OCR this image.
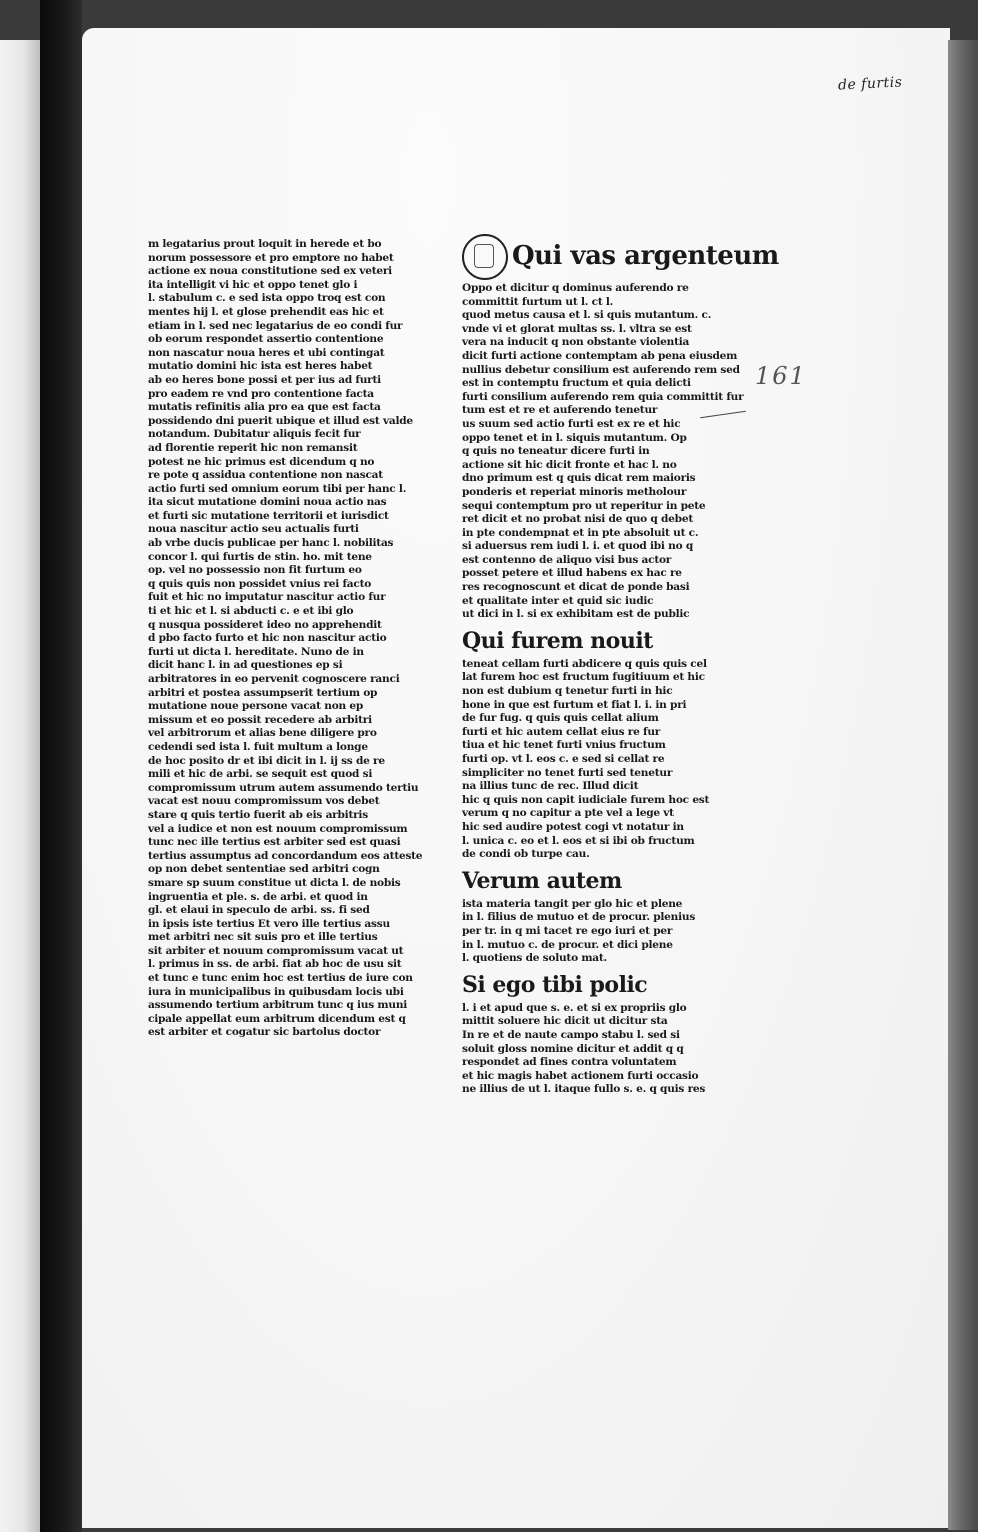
de furtis
161
m legatarius prout loquit in herede et bo
norum possessore et pro emptore no habet
actione ex noua constitutione sed ex veteri
ita intelligit vi hic et oppo tenet glo i
l. stabulum c. e sed ista oppo troq est con
mentes hij l. et glose prehendit eas hic et
etiam in l. sed nec legatarius de eo condi fur
ob eorum respondet assertio contentione
non nascatur noua heres et ubi contingat
mutatio domini hic ista est heres habet
ab eo heres bone possi et per ius ad furti
pro eadem re vnd pro contentione facta
mutatis refinitis alia pro ea que est facta
possidendo dni puerit ubique et illud est valde
notandum. Dubitatur aliquis fecit fur
ad florentie reperit hic non remansit
potest ne hic primus est dicendum q no
re pote q assidua contentione non nascat
actio furti sed omnium eorum tibi per hanc l.
ita sicut mutatione domini noua actio nas
et furti sic mutatione territorii et iurisdict
noua nascitur actio seu actualis furti
ab vrbe ducis publicae per hanc l. nobilitas
concor l. qui furtis de stin. ho. mit tene
op. vel no possessio non fit furtum eo
q quis quis non possidet vnius rei facto
fuit et hic no imputatur nascitur actio fur
ti et hic et l. si abducti c. e et ibi glo
q nusqua possideret ideo no apprehendit
d pbo facto furto et hic non nascitur actio
furti ut dicta l. hereditate. Nuno de in
dicit hanc l. in ad questiones ep si
arbitratores in eo pervenit cognoscere ranci
arbitri et postea assumpserit tertium op
mutatione noue persone vacat non ep
missum et eo possit recedere ab arbitri
vel arbitrorum et alias bene diligere pro
cedendi sed ista l. fuit multum a longe
de hoc posito dr et ibi dicit in l. ij ss de re
mili et hic de arbi. se sequit est quod si
compromissum utrum autem assumendo tertiu
vacat est nouu compromissum vos debet
stare q quis tertio fuerit ab eis arbitris
vel a iudice et non est nouum compromissum
tunc nec ille tertius est arbiter sed est quasi
tertius assumptus ad concordandum eos atteste
op non debet sententiae sed arbitri cogn
smare sp suum constitue ut dicta l. de nobis
ingruentia et ple. s. de arbi. et quod in
gl. et elaui in speculo de arbi. ss. fi sed
in ipsis iste tertius Et vero ille tertius assu
met arbitri nec sit suis pro et ille tertius
sit arbiter et nouum compromissum vacat ut
l. primus in ss. de arbi. fiat ab hoc de usu sit
et tunc e tunc enim hoc est tertius de iure con
iura in municipalibus in quibusdam locis ubi
assumendo tertium arbitrum tunc q ius muni
cipale appellat eum arbitrum dicendum est q
est arbiter et cogatur sic bartolus doctor
Qui vas argenteum
Oppo et dicitur q dominus auferendo re
committit furtum ut l. ct l.
quod metus causa et l. si quis mutantum. c.
vnde vi et glorat multas ss. l. vltra se est
vera na inducit q non obstante violentia
dicit furti actione contemptam ab pena eiusdem
nullius debetur consilium est auferendo rem sed
est in contemptu fructum et quia delicti
furti consilium auferendo rem quia committit fur
tum est et re et auferendo tenetur
us suum sed actio furti est ex re et hic
oppo tenet et in l. siquis mutantum. Op
q quis no teneatur dicere furti in
actione sit hic dicit fronte et hac l. no
dno primum est q quis dicat rem maioris
ponderis et reperiat minoris metholour
sequi contemptum pro ut reperitur in pete
ret dicit et no probat nisi de quo q debet
in pte condempnat et in pte absoluit ut c.
si aduersus rem iudi l. i. et quod ibi no q
est contenno de aliquo visi bus actor
posset petere et illud habens ex hac re
res recognoscunt et dicat de ponde basi
et qualitate inter et quid sic iudic
ut dici in l. si ex exhibitam est de public
Qui furem nouit
teneat cellam furti abdicere q quis quis cel
lat furem hoc est fructum fugitiuum et hic
non est dubium q tenetur furti in hic
hone in que est furtum et fiat l. i. in pri
de fur fug. q quis quis cellat alium
furti et hic autem cellat eius re fur
tiua et hic tenet furti vnius fructum
furti op. vt l. eos c. e sed si cellat re
simpliciter no tenet furti sed tenetur
na illius tunc de rec. Illud dicit
hic q quis non capit iudiciale furem hoc est
verum q no capitur a pte vel a lege vt
hic sed audire potest cogi vt notatur in
l. unica c. eo et l. eos et si ibi ob fructum
de condi ob turpe cau.
Verum autem
ista materia tangit per glo hic et plene
in l. filius de mutuo et de procur. plenius
per tr. in q mi tacet re ego iuri et per
in l. mutuo c. de procur. et dici plene
l. quotiens de soluto mat.
Si ego tibi polic
l. i et apud que s. e. et si ex propriis glo
mittit soluere hic dicit ut dicitur sta
In re et de naute campo stabu l. sed si
soluit gloss nomine dicitur et addit q q
respondet ad fines contra voluntatem
et hic magis habet actionem furti occasio
ne illius de ut l. itaque fullo s. e. q quis res
